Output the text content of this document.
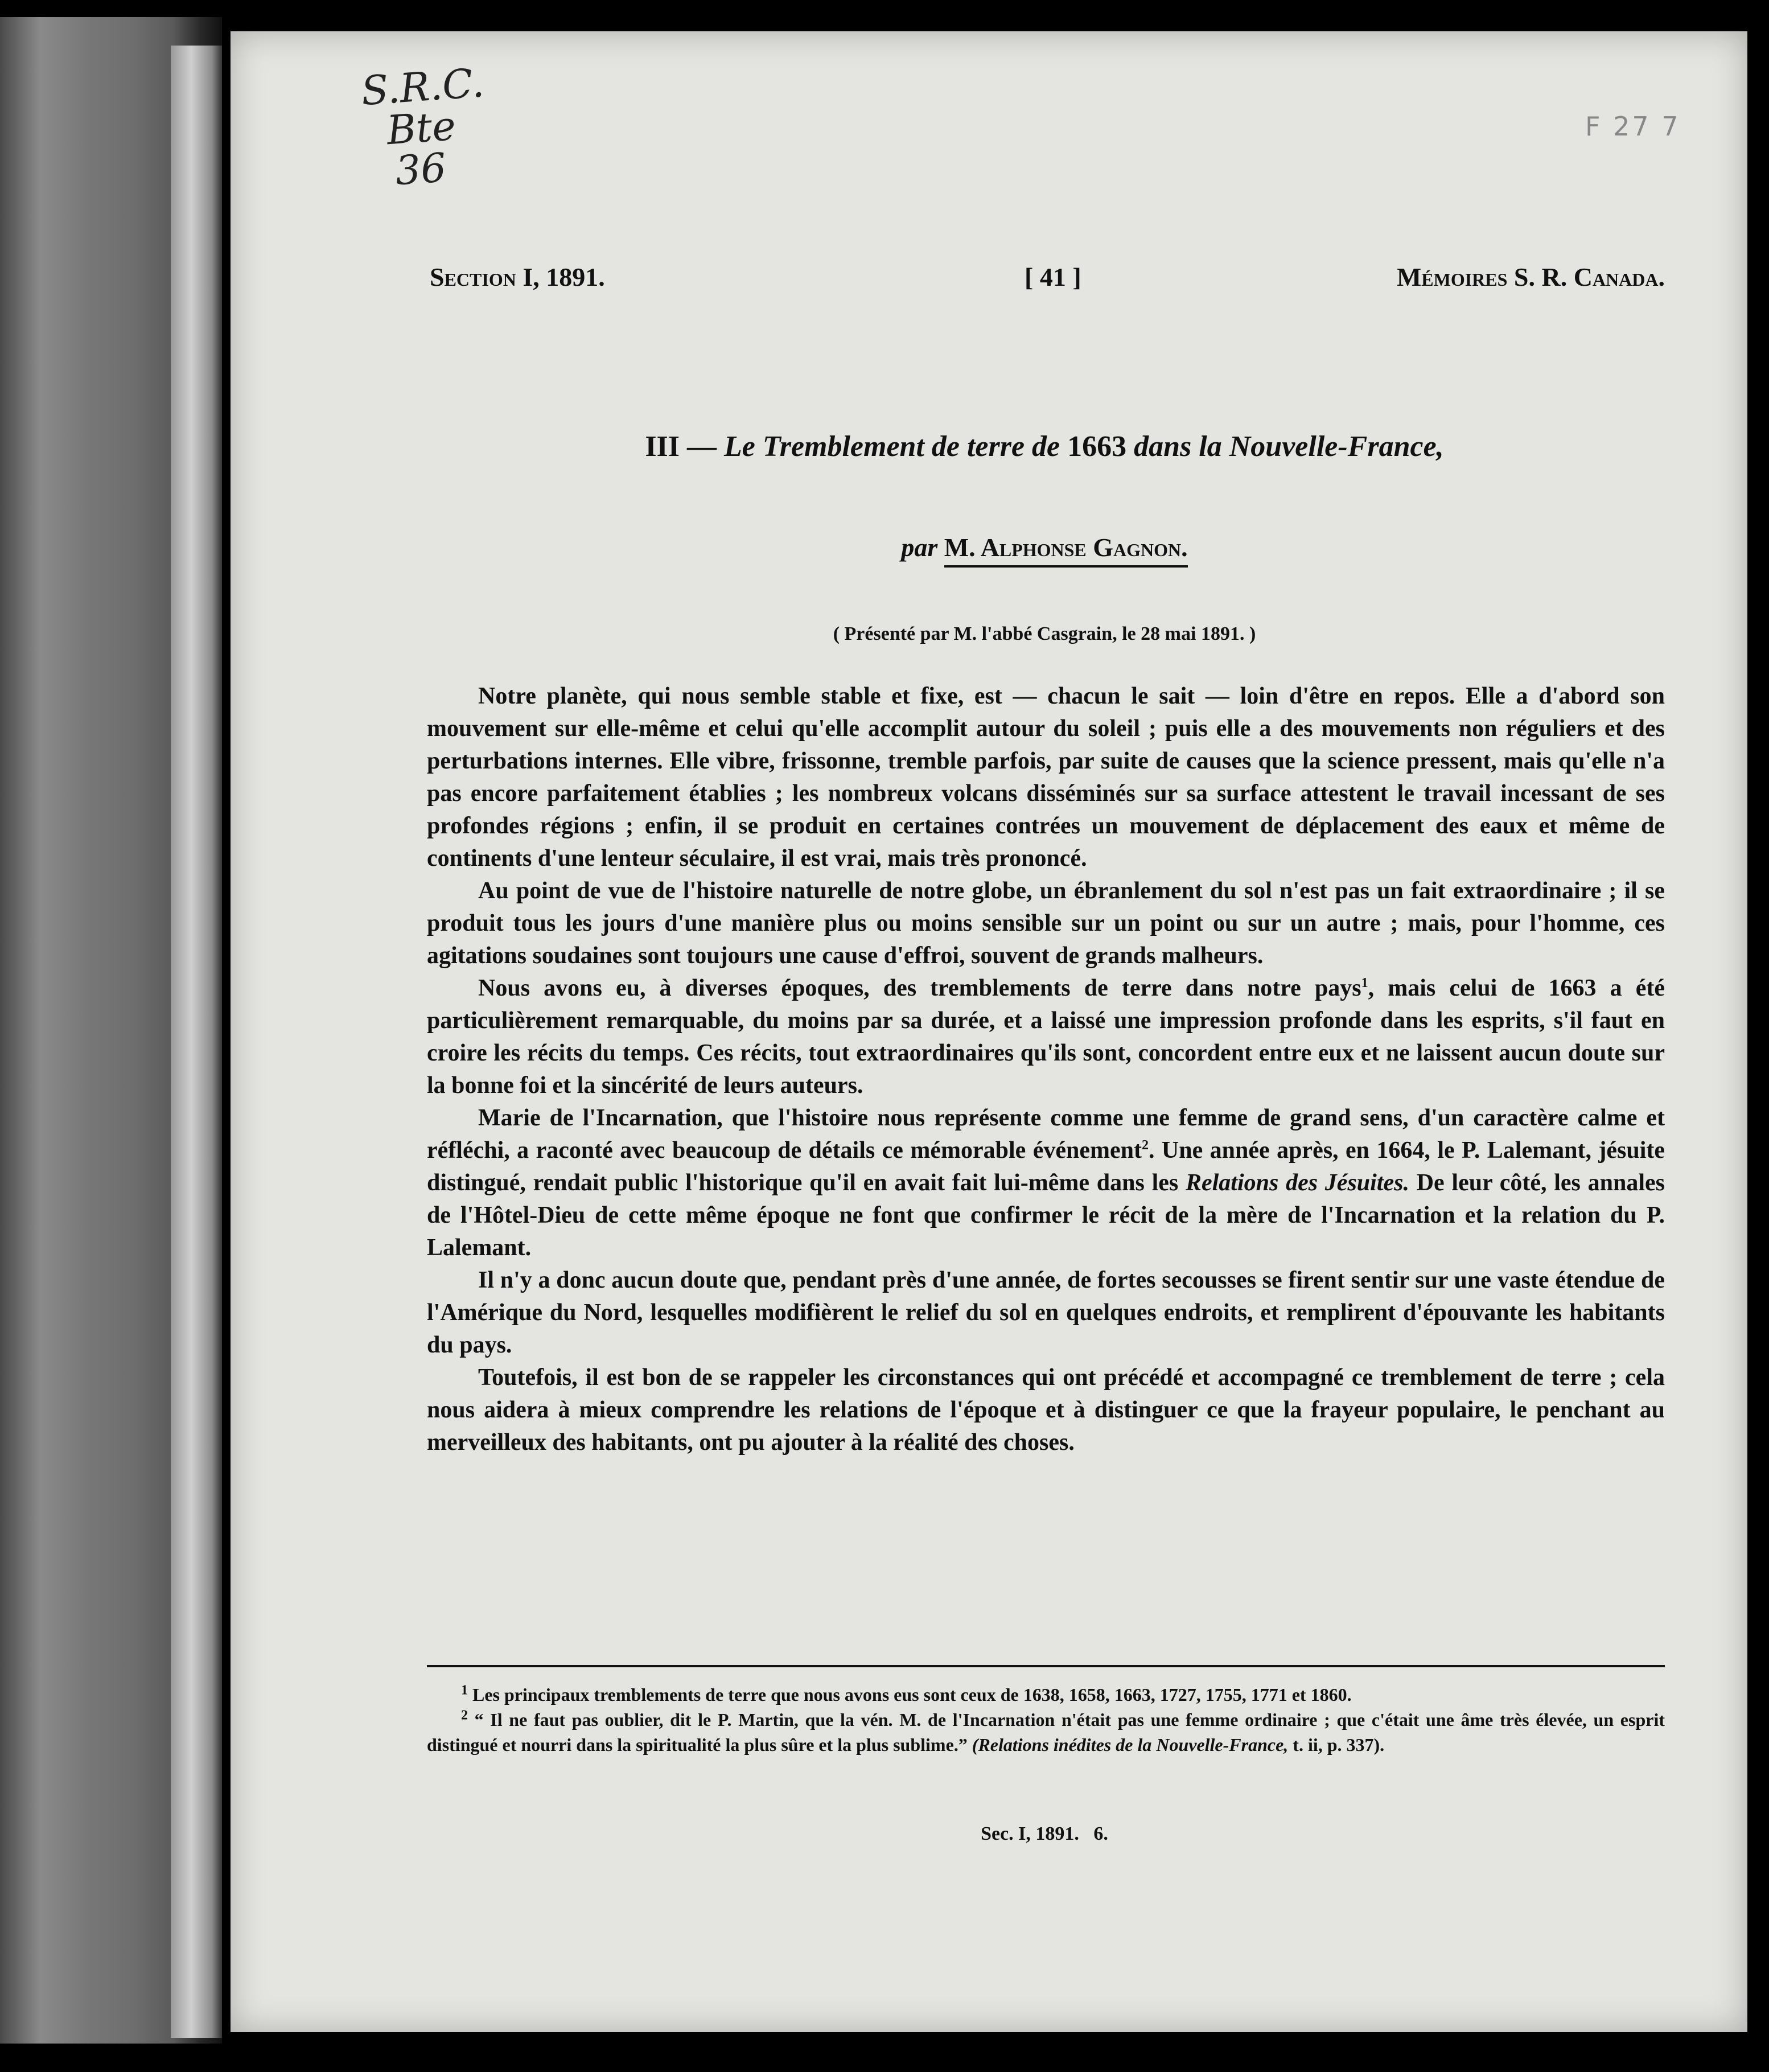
S.R.C.
Bte
36
F 27 7
Section I, 1891.	[ 41 ]	Mémoires S. R. Canada.
III — Le Tremblement de terre de 1663 dans la Nouvelle-France,
par M. Alphonse Gagnon.
( Présenté par M. l'abbé Casgrain, le 28 mai 1891. )

Notre planète, qui nous semble stable et fixe, est — chacun le sait — loin d'être en repos. Elle a d'abord son mouvement sur elle-même et celui qu'elle accomplit autour du soleil ; puis elle a des mouvements non réguliers et des perturbations internes. Elle vibre, frissonne, tremble parfois, par suite de causes que la science pressent, mais qu'elle n'a pas encore parfaitement établies ; les nombreux volcans disséminés sur sa surface attestent le travail incessant de ses profondes régions ; enfin, il se produit en certaines contrées un mouvement de déplacement des eaux et même de continents d'une lenteur séculaire, il est vrai, mais très prononcé.

Au point de vue de l'histoire naturelle de notre globe, un ébranlement du sol n'est pas un fait extraordinaire ; il se produit tous les jours d'une manière plus ou moins sensible sur un point ou sur un autre ; mais, pour l'homme, ces agitations soudaines sont toujours une cause d'effroi, souvent de grands malheurs.

Nous avons eu, à diverses époques, des tremblements de terre dans notre pays$^1$, mais celui de 1663 a été particulièrement remarquable, du moins par sa durée, et a laissé une impression profonde dans les esprits, s'il faut en croire les récits du temps. Ces récits, tout extraordinaires qu'ils sont, concordent entre eux et ne laissent aucun doute sur la bonne foi et la sincérité de leurs auteurs.

Marie de l'Incarnation, que l'histoire nous représente comme une femme de grand sens, d'un caractère calme et réfléchi, a raconté avec beaucoup de détails ce mémorable événement$^2$. Une année après, en 1664, le P. Lalemant, jésuite distingué, rendait public l'historique qu'il en avait fait lui-même dans les Relations des Jésuites. De leur côté, les annales de l'Hôtel-Dieu de cette même époque ne font que confirmer le récit de la mère de l'Incarnation et la relation du P. Lalemant.

Il n'y a donc aucun doute que, pendant près d'une année, de fortes secousses se firent sentir sur une vaste étendue de l'Amérique du Nord, lesquelles modifièrent le relief du sol en quelques endroits, et remplirent d'épouvante les habitants du pays.

Toutefois, il est bon de se rappeler les circonstances qui ont précédé et accompagné ce tremblement de terre ; cela nous aidera à mieux comprendre les relations de l'époque et à distinguer ce que la frayeur populaire, le penchant au merveilleux des habitants, ont pu ajouter à la réalité des choses.

$^1$ Les principaux tremblements de terre que nous avons eus sont ceux de 1638, 1658, 1663, 1727, 1755, 1771 et 1860.

$^2$ “ Il ne faut pas oublier, dit le P. Martin, que la vén. M. de l'Incarnation n'était pas une femme ordinaire ; que c'était une âme très élevée, un esprit distingué et nourri dans la spiritualité la plus sûre et la plus sublime.” (Relations inédites de la Nouvelle-France, t. ii, p. 337).

Sec. I, 1891.   6.
